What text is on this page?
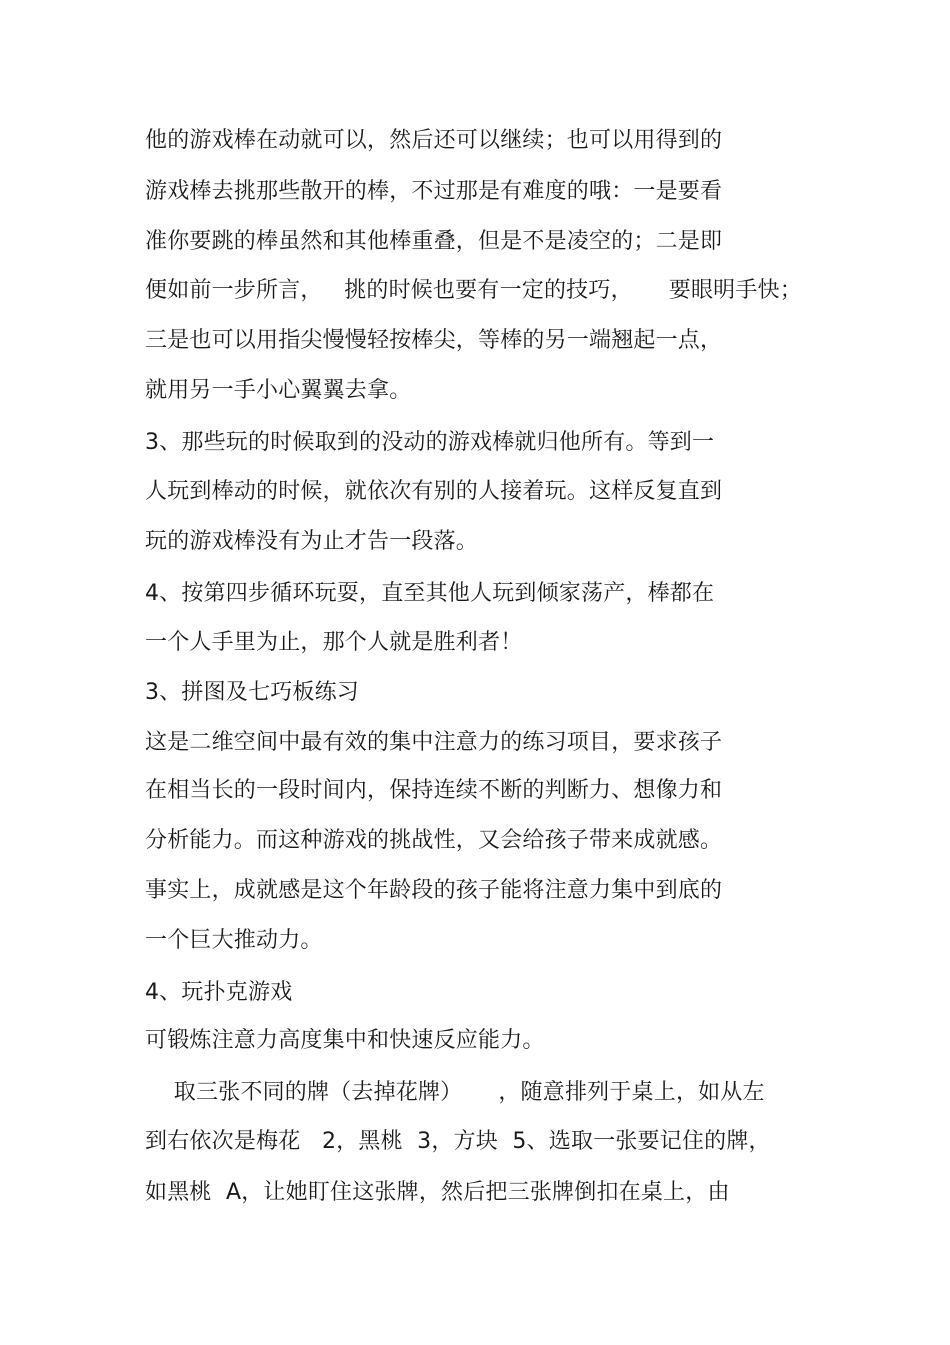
他的游戏棒在动就可以，然后还可以继续；也可以用得到的
游戏棒去挑那些散开的棒，不过那是有难度的哦：一是要看
准你要跳的棒虽然和其他棒重叠，但是不是凌空的；二是即
便如前一步所言，   挑的时候也要有一定的技巧，     要眼明手快；
三是也可以用指尖慢慢轻按棒尖，等棒的另一端翘起一点，
就用另一手小心翼翼去拿。
3、那些玩的时候取到的没动的游戏棒就归他所有。等到一
人玩到棒动的时候，就依次有别的人接着玩。这样反复直到
玩的游戏棒没有为止才告一段落。
4、按第四步循环玩耍，直至其他人玩到倾家荡产，棒都在
一个人手里为止，那个人就是胜利者！
3、拼图及七巧板练习
这是二维空间中最有效的集中注意力的练习项目，要求孩子
在相当长的一段时间内，保持连续不断的判断力、想像力和
分析能力。而这种游戏的挑战性，又会给孩子带来成就感。
事实上，成就感是这个年龄段的孩子能将注意力集中到底的
一个巨大推动力。
4、玩扑克游戏
可锻炼注意力高度集中和快速反应能力。
取三张不同的牌（去掉花牌）     ，随意排列于桌上，如从左
到右依次是梅花   2，黑桃  3，方块  5、选取一张要记住的牌，
如黑桃  A，让她盯住这张牌，然后把三张牌倒扣在桌上，由
